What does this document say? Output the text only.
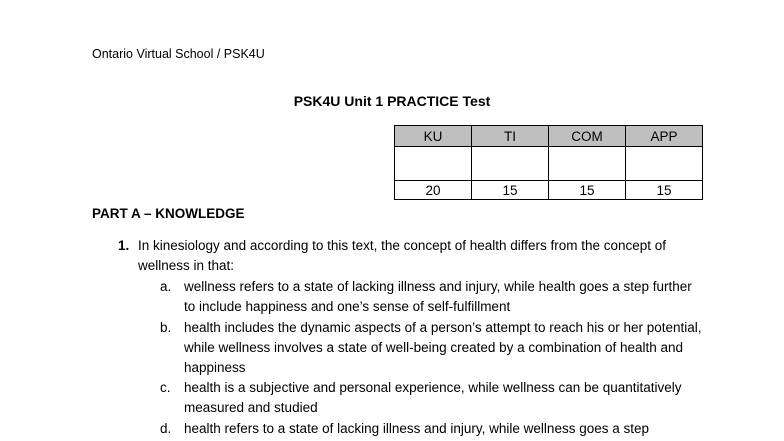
Ontario Virtual School / PSK4U
PSK4U Unit 1 PRACTICE Test
KU	TI	COM	APP

20	15	15	15
PART A – KNOWLEDGE
1. In kinesiology and according to this text, the concept of health differs from the concept of wellness in that:
a. wellness refers to a state of lacking illness and injury, while health goes a step further to include happiness and one’s sense of self-fulfillment
b. health includes the dynamic aspects of a person’s attempt to reach his or her potential, while wellness involves a state of well-being created by a combination of health and happiness
c. health is a subjective and personal experience, while wellness can be quantitatively measured and studied
d. health refers to a state of lacking illness and injury, while wellness goes a step
